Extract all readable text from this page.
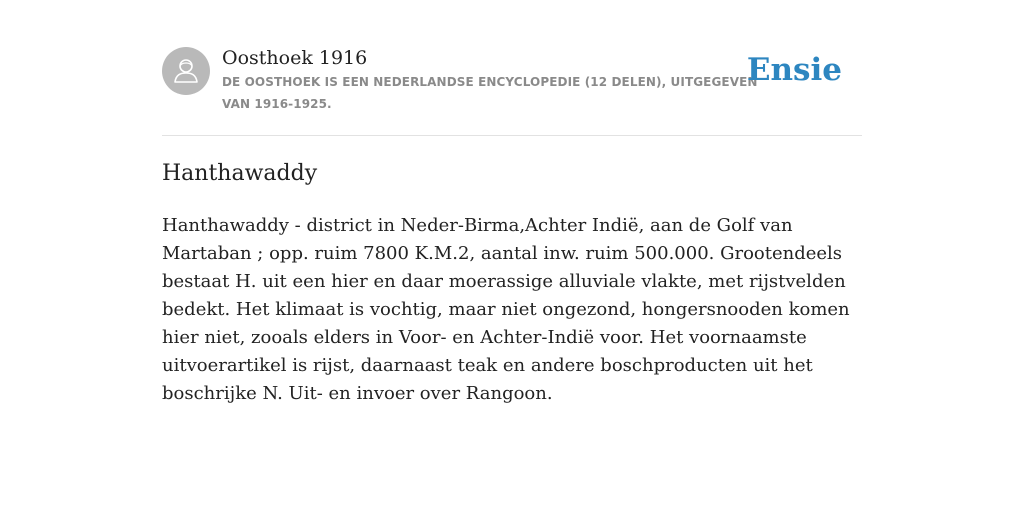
Oosthoek 1916

DE OOSTHOEK IS EEN NEDERLANDSE ENCYCLOPEDIE (12 DELEN), UITGEGEVEN VAN 1916-1925.
Ensie
Hanthawaddy

Hanthawaddy - district in Neder-Birma,Achter Indië, aan de Golf van Martaban ; opp. ruim 7800 K.M.2, aantal inw. ruim 500.000. Grootendeels bestaat H. uit een hier en daar moerassige alluviale vlakte, met rijstvelden bedekt. Het klimaat is vochtig, maar niet ongezond, hongersnooden komen hier niet, zooals elders in Voor- en Achter-Indië voor. Het voornaamste uitvoerartikel is rijst, daarnaast teak en andere boschproducten uit het boschrijke N. Uit- en invoer over Rangoon.
